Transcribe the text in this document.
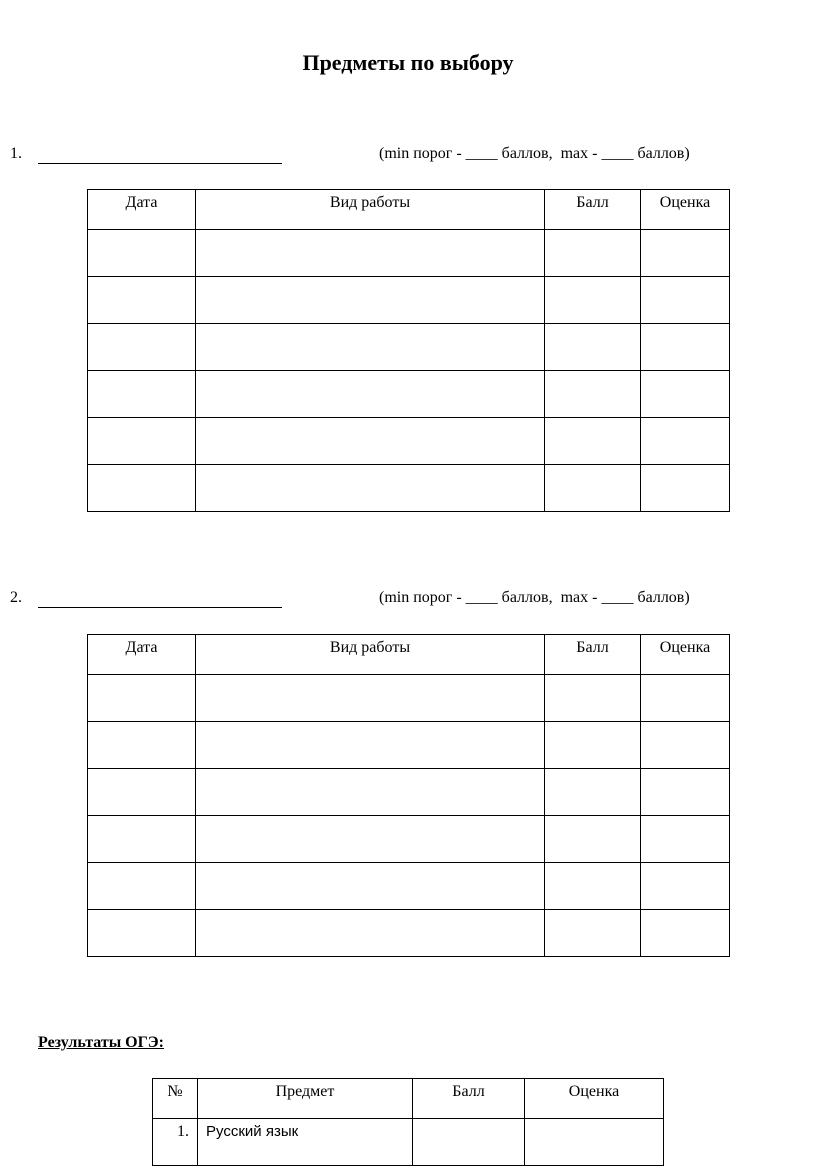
Предметы по выбору
1.	(min порог - ____ баллов,  max - ____ баллов)
Дата	Вид работы	Балл	Оценка

2.	(min порог - ____ баллов,  max - ____ баллов)
Дата	Вид работы	Балл	Оценка

Результаты ОГЭ:
№	Предмет	Балл	Оценка

1.	Русский язык		
